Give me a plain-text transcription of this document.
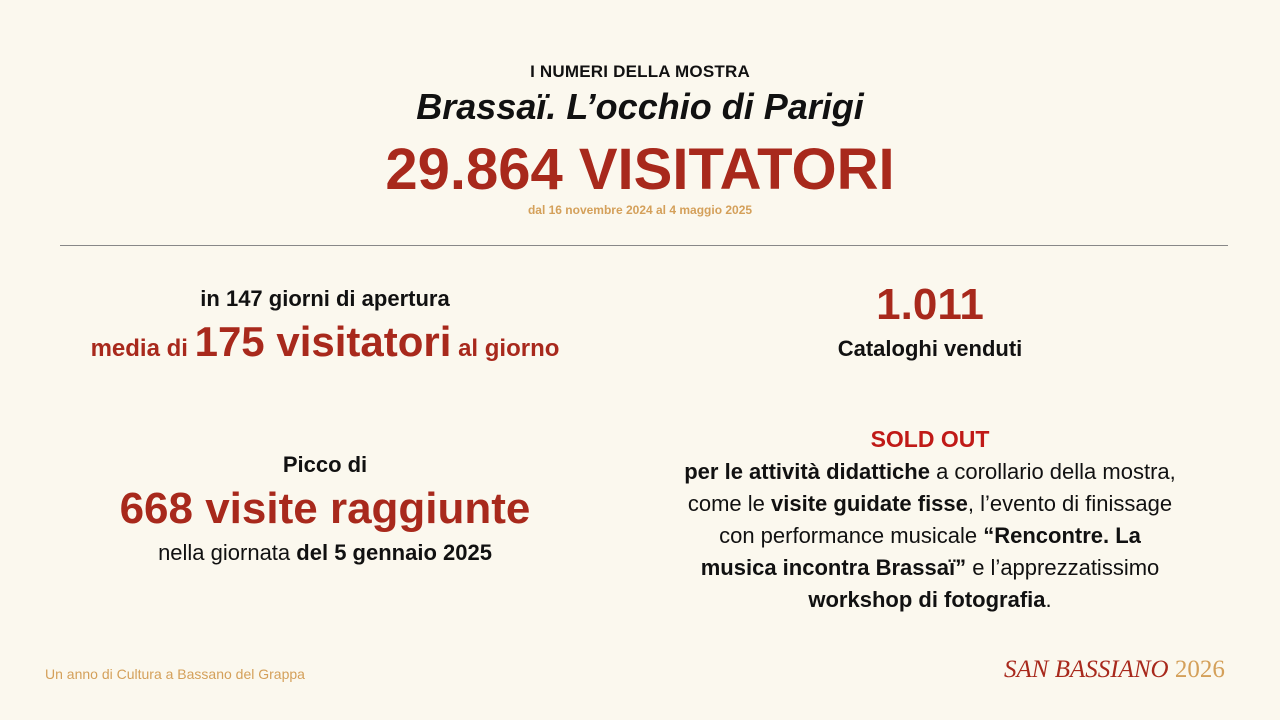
I NUMERI DELLA MOSTRA
Brassaï. L’occhio di Parigi
29.864 VISITATORI
dal 16 novembre 2024 al 4 maggio 2025
in 147 giorni di apertura
media di 175 visitatori al giorno
1.011
Cataloghi venduti
Picco di
668 visite raggiunte
nella giornata del 5 gennaio 2025
SOLD OUT
per le attività didattiche a corollario della mostra,
come le visite guidate fisse, l’evento di finissage
con performance musicale “Rencontre. La
musica incontra Brassaï” e l’apprezzatissimo
workshop di fotografia.
Un anno di Cultura a Bassano del Grappa	SAN BASSIANO 2026
